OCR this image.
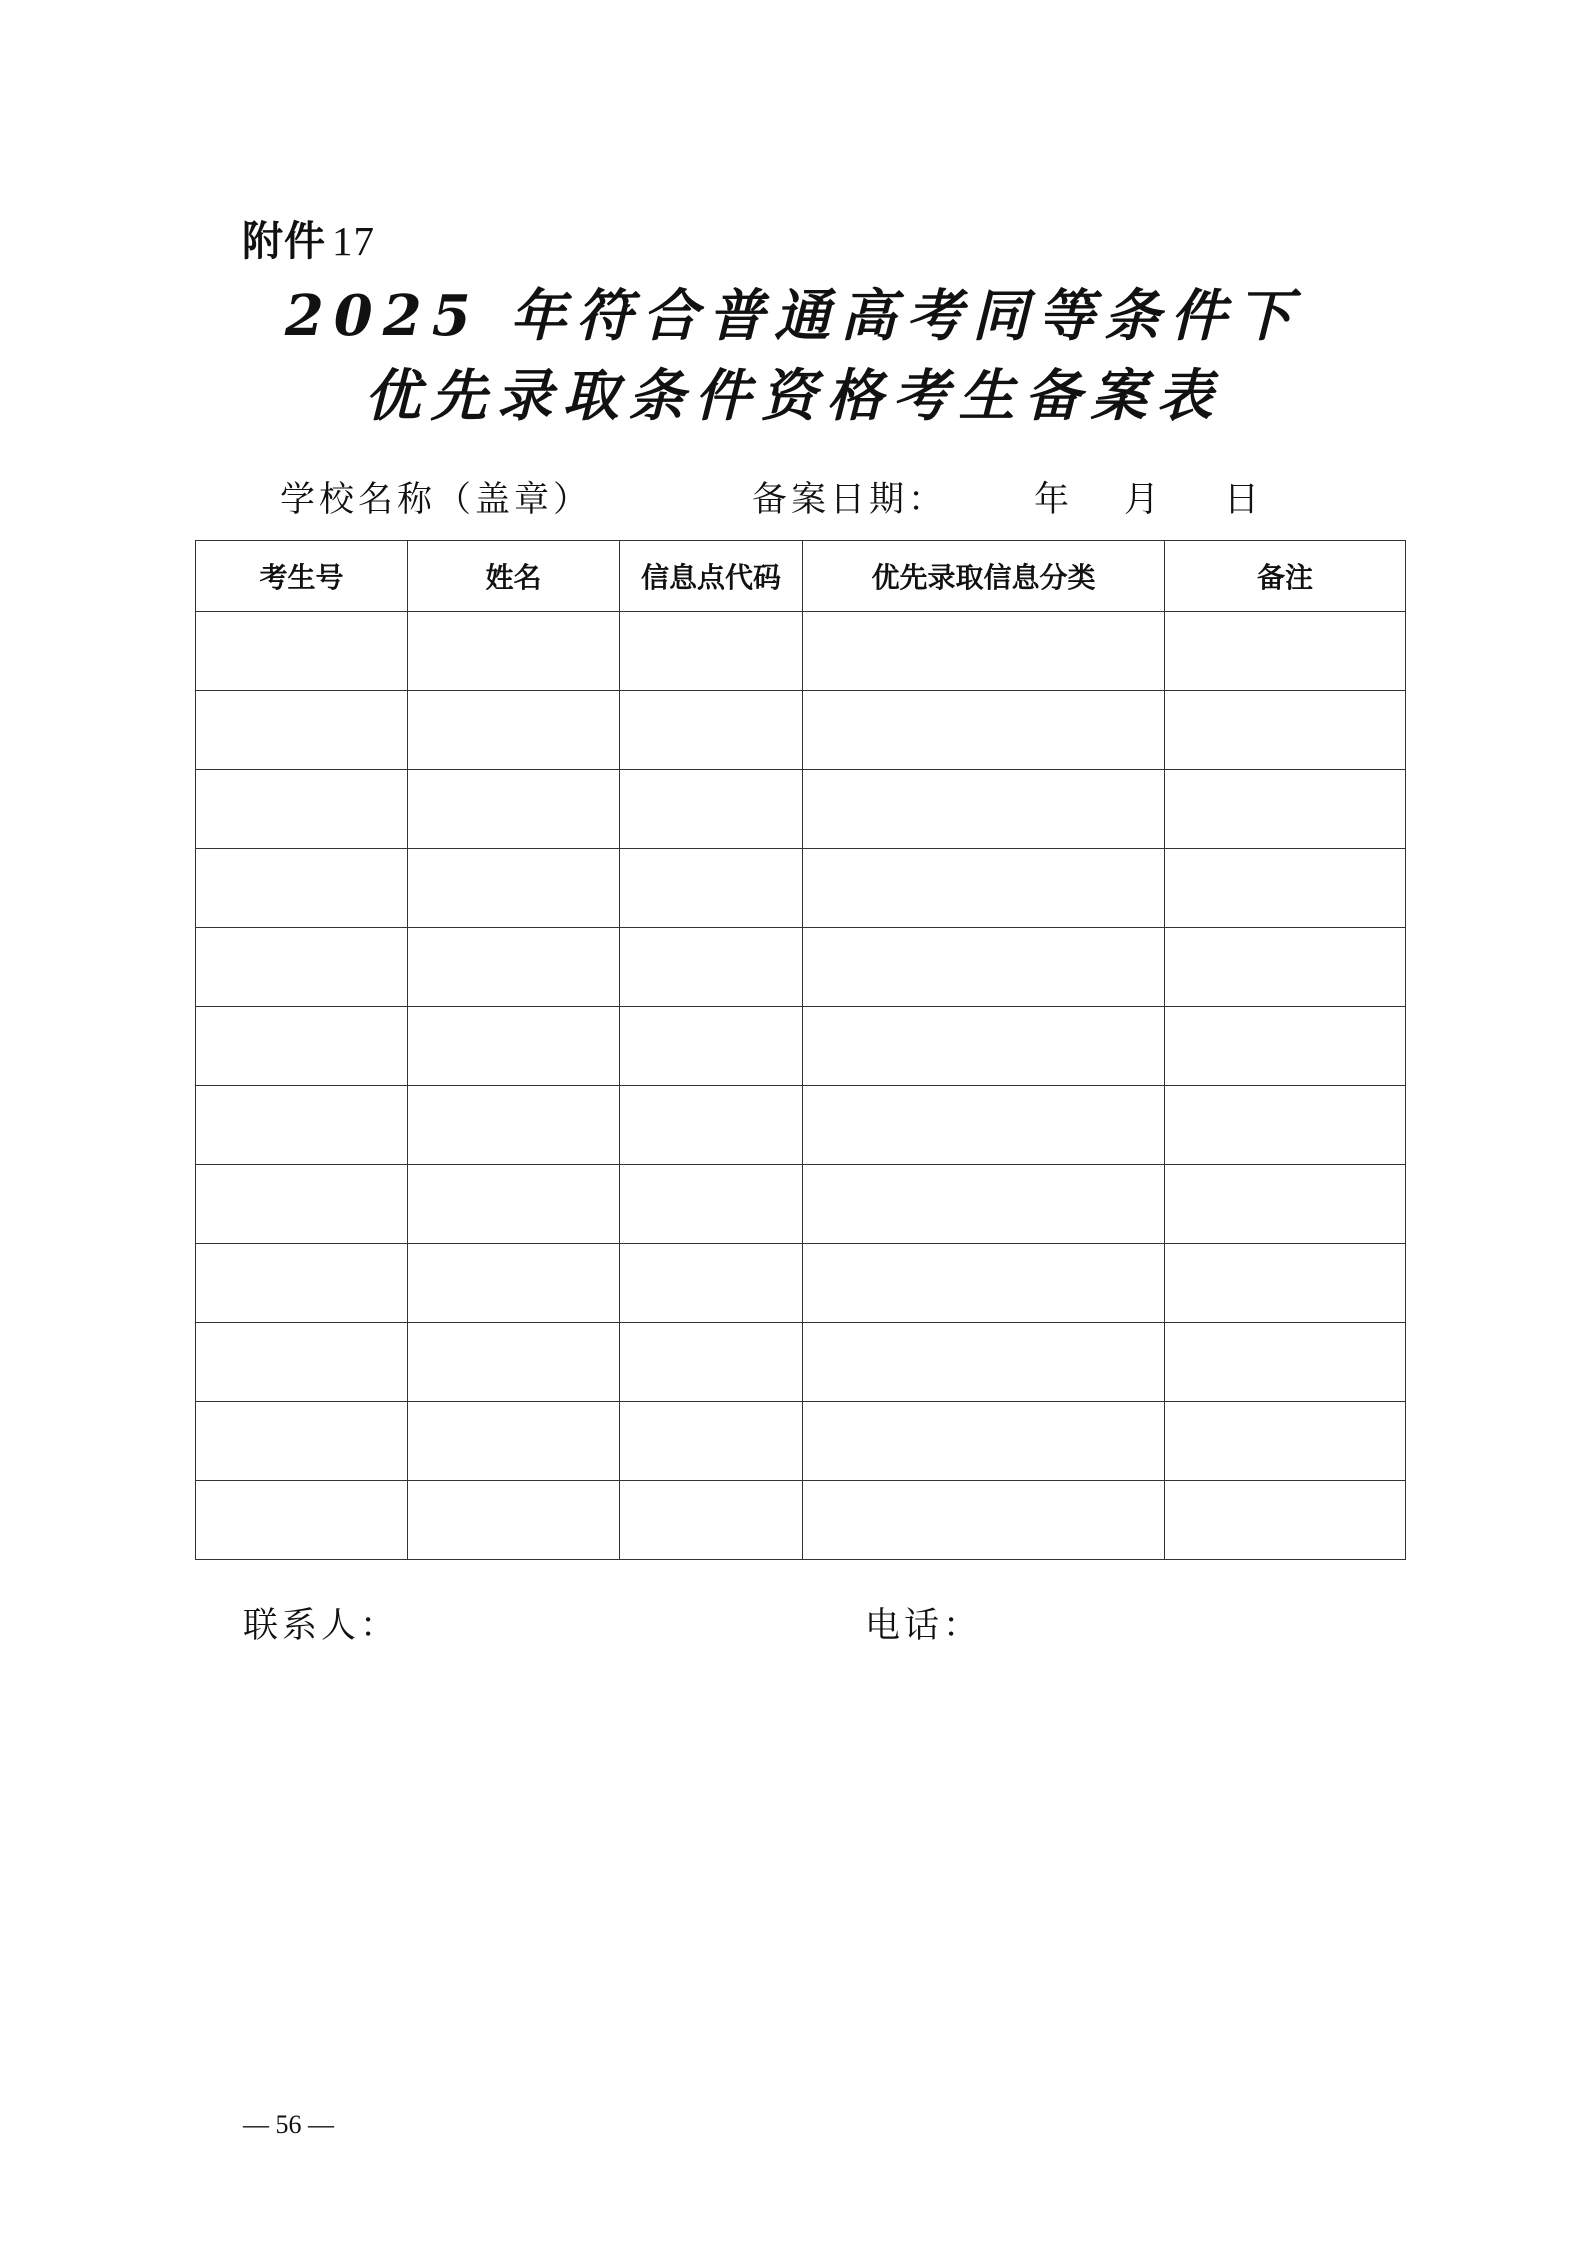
附件 17
2025 年符合普通高考同等条件下
优先录取条件资格考生备案表
学校名称（盖章）	备案日期： 年 月 日
考生号	姓名	信息点代码	优先录取信息分类	备注

联系人：	电话：
— 56 —
